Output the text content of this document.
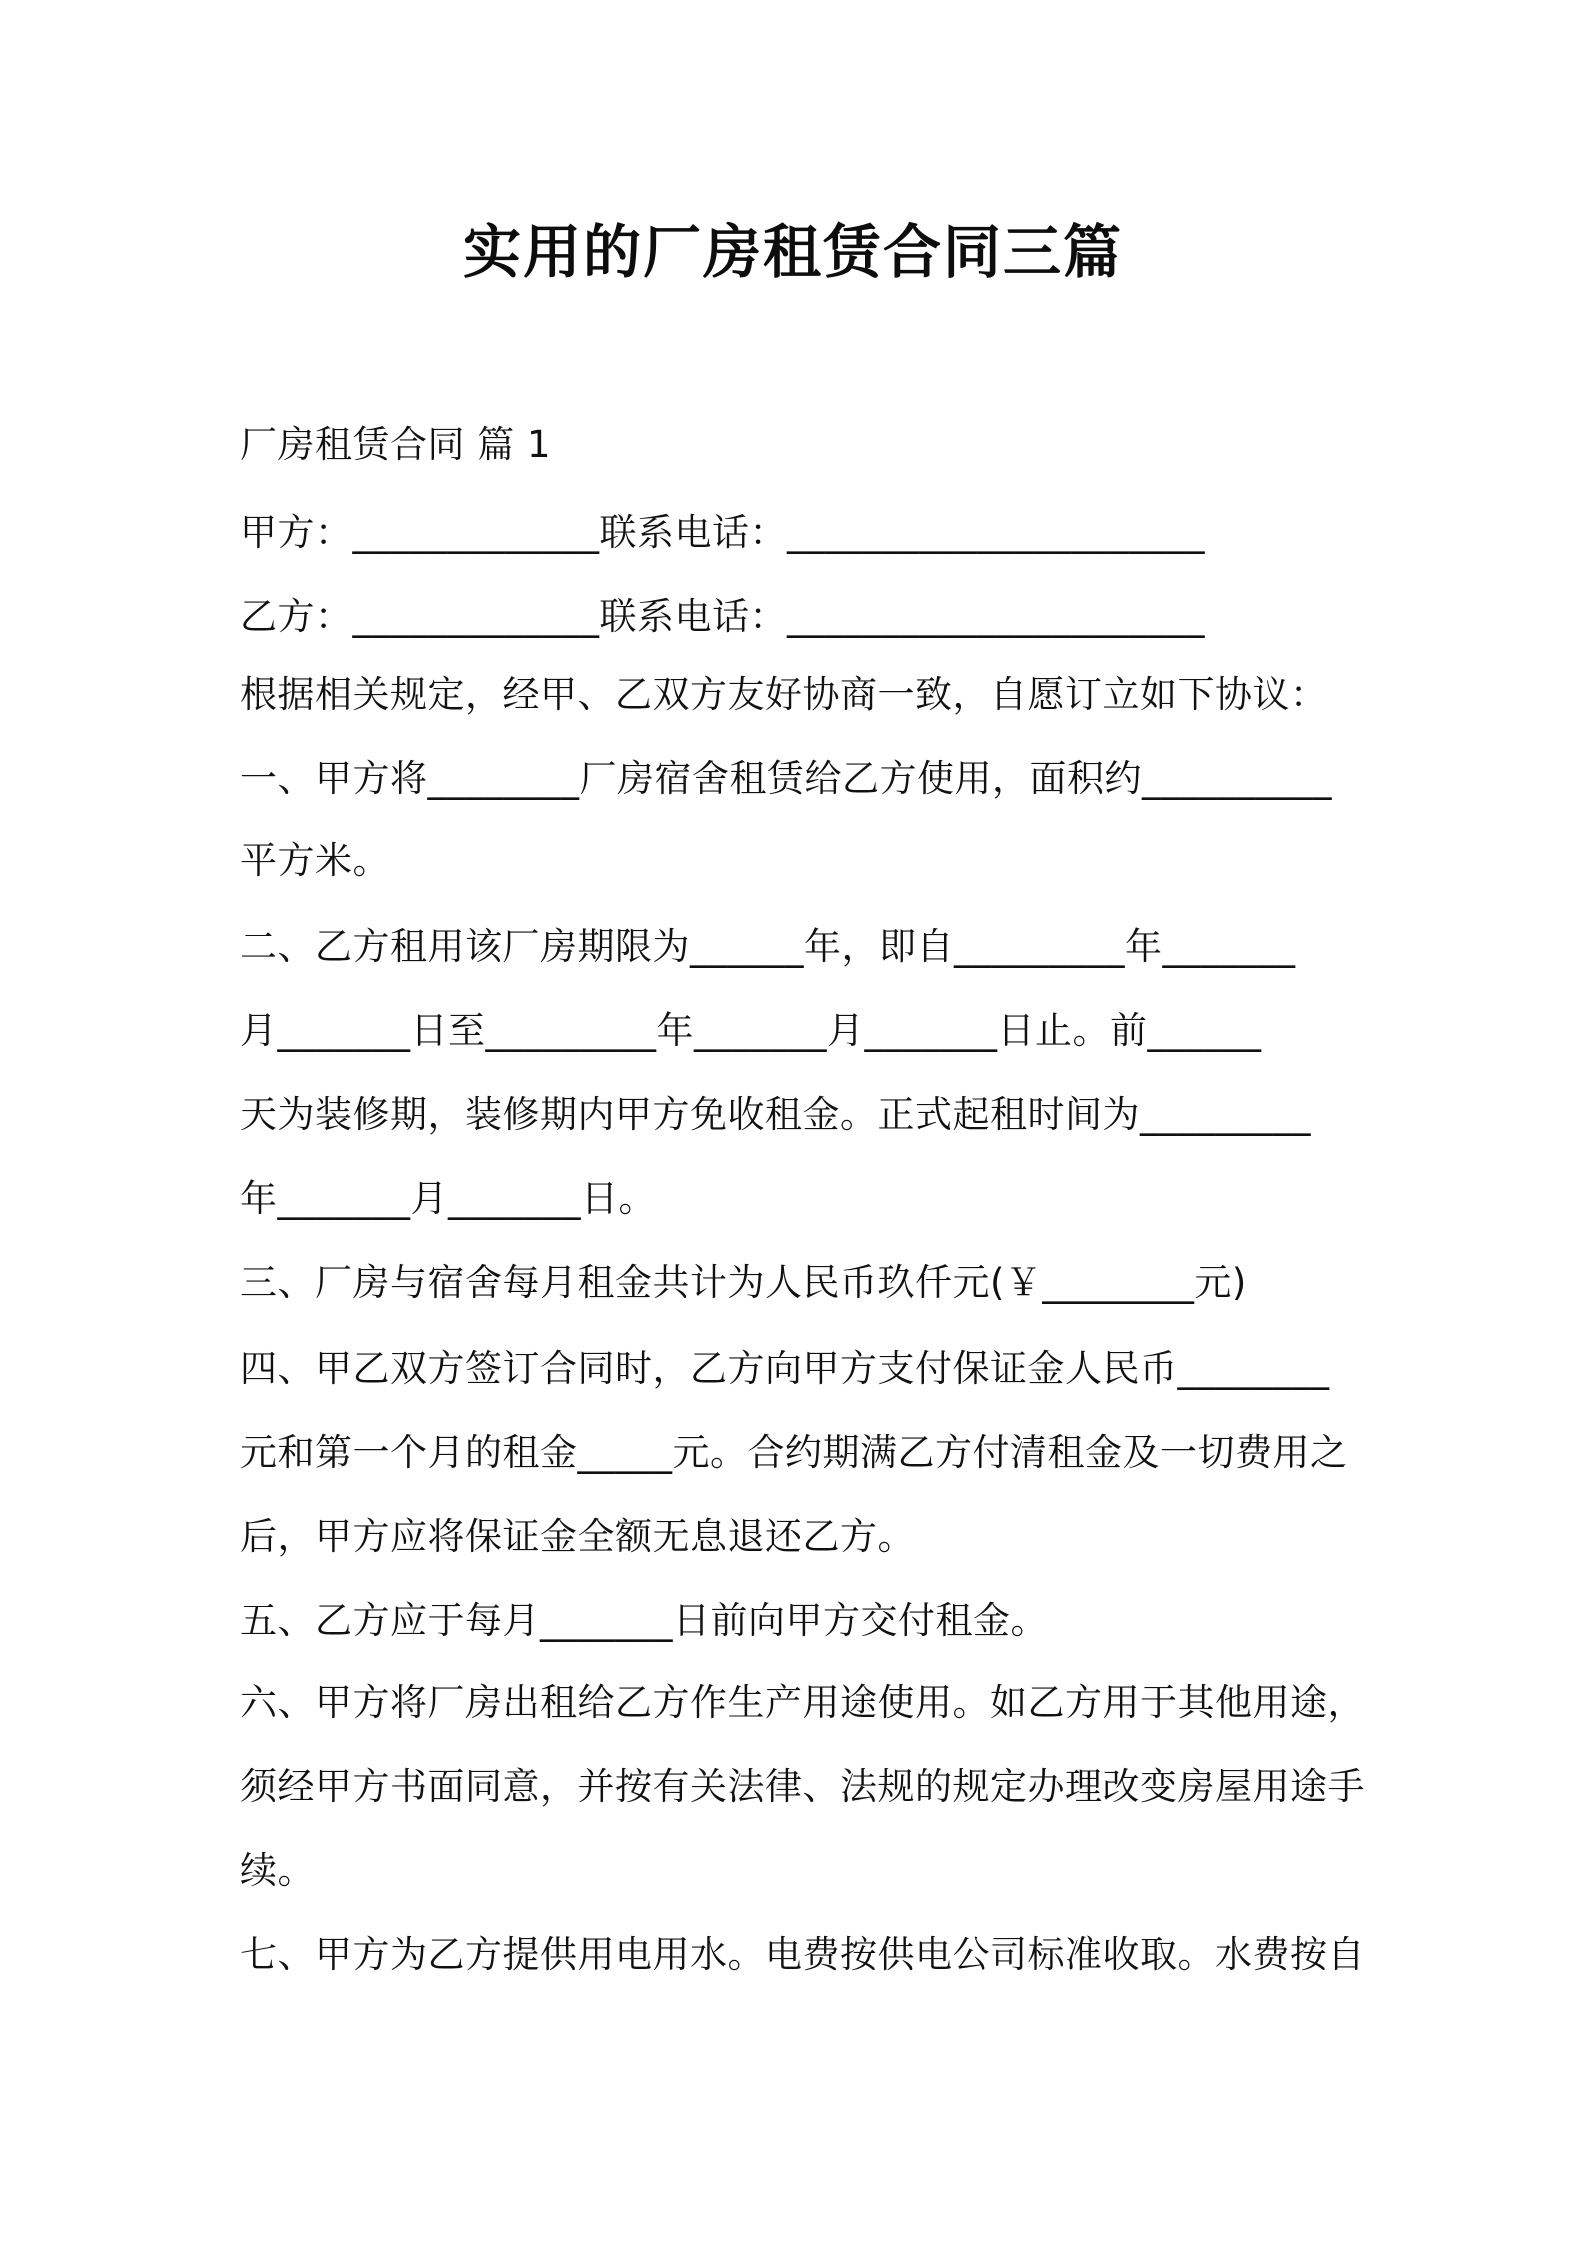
实用的厂房租赁合同三篇
厂房租赁合同 篇 1
甲方：_____________联系电话：______________________
乙方：_____________联系电话：______________________
根据相关规定，经甲、乙双方友好协商一致，自愿订立如下协议：
一、甲方将________厂房宿舍租赁给乙方使用，面积约__________
平方米。
二、乙方租用该厂房期限为______年，即自_________年_______
月_______日至_________年_______月_______日止。前______
天为装修期，装修期内甲方免收租金。正式起租时间为_________
年_______月_______日。
三、厂房与宿舍每月租金共计为人民币玖仟元(￥________元)
四、甲乙双方签订合同时，乙方向甲方支付保证金人民币________
元和第一个月的租金_____元。合约期满乙方付清租金及一切费用之
后，甲方应将保证金全额无息退还乙方。
五、乙方应于每月_______日前向甲方交付租金。
六、甲方将厂房出租给乙方作生产用途使用。如乙方用于其他用途，
须经甲方书面同意，并按有关法律、法规的规定办理改变房屋用途手
续。
七、甲方为乙方提供用电用水。电费按供电公司标准收取。水费按自
